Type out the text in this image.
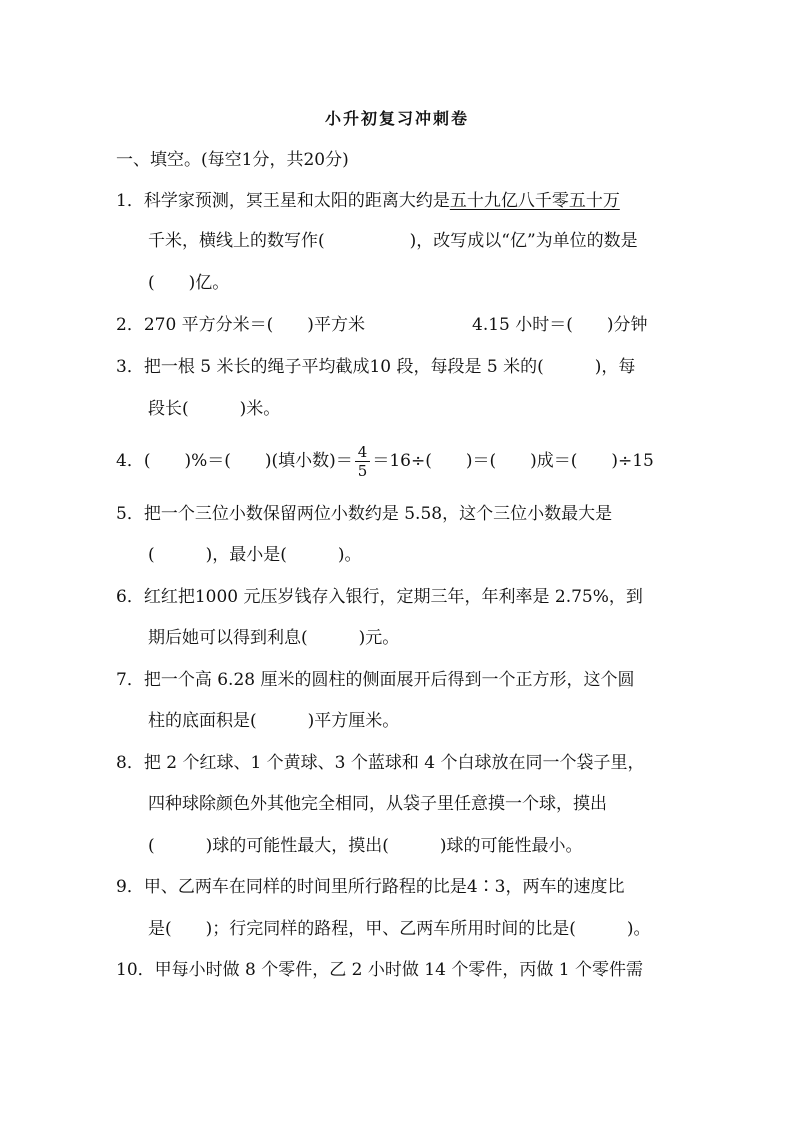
小升初复习冲刺卷
一、填空。(每空1分，共20分)
1．科学家预测，冥王星和太阳的距离大约是五十九亿八千零五十万
千米，横线上的数写作(　　　　　)，改写成以“亿”为单位的数是
(　　)亿。
2．270 平方分米＝(　　)平方米	4.15 小时＝(　　)分钟
3．把一根 5 米长的绳子平均截成10 段，每段是 5 米的(　　　)，每
段长(　　　)米。
4．(　　)%＝(　　)(填小数)＝ $\frac{4}{5} =16\div$(　　)＝(　　)成＝(　　)÷15
5．把一个三位小数保留两位小数约是 5.58，这个三位小数最大是
(　　　)，最小是(　　　)。
6．红红把1000 元压岁钱存入银行，定期三年，年利率是 2.75%，到
期后她可以得到利息(　　　)元。
7．把一个高 6.28 厘米的圆柱的侧面展开后得到一个正方形，这个圆
柱的底面积是(　　　)平方厘米。
8．把 2 个红球、1 个黄球、3 个蓝球和 4 个白球放在同一个袋子里，
四种球除颜色外其他完全相同，从袋子里任意摸一个球，摸出
(　　　)球的可能性最大，摸出(　　　)球的可能性最小。
9．甲、乙两车在同样的时间里所行路程的比是4∶3，两车的速度比
是(　　)；行完同样的路程，甲、乙两车所用时间的比是(　　　)。
10．甲每小时做 8 个零件，乙 2 小时做 14 个零件，丙做 1 个零件需
